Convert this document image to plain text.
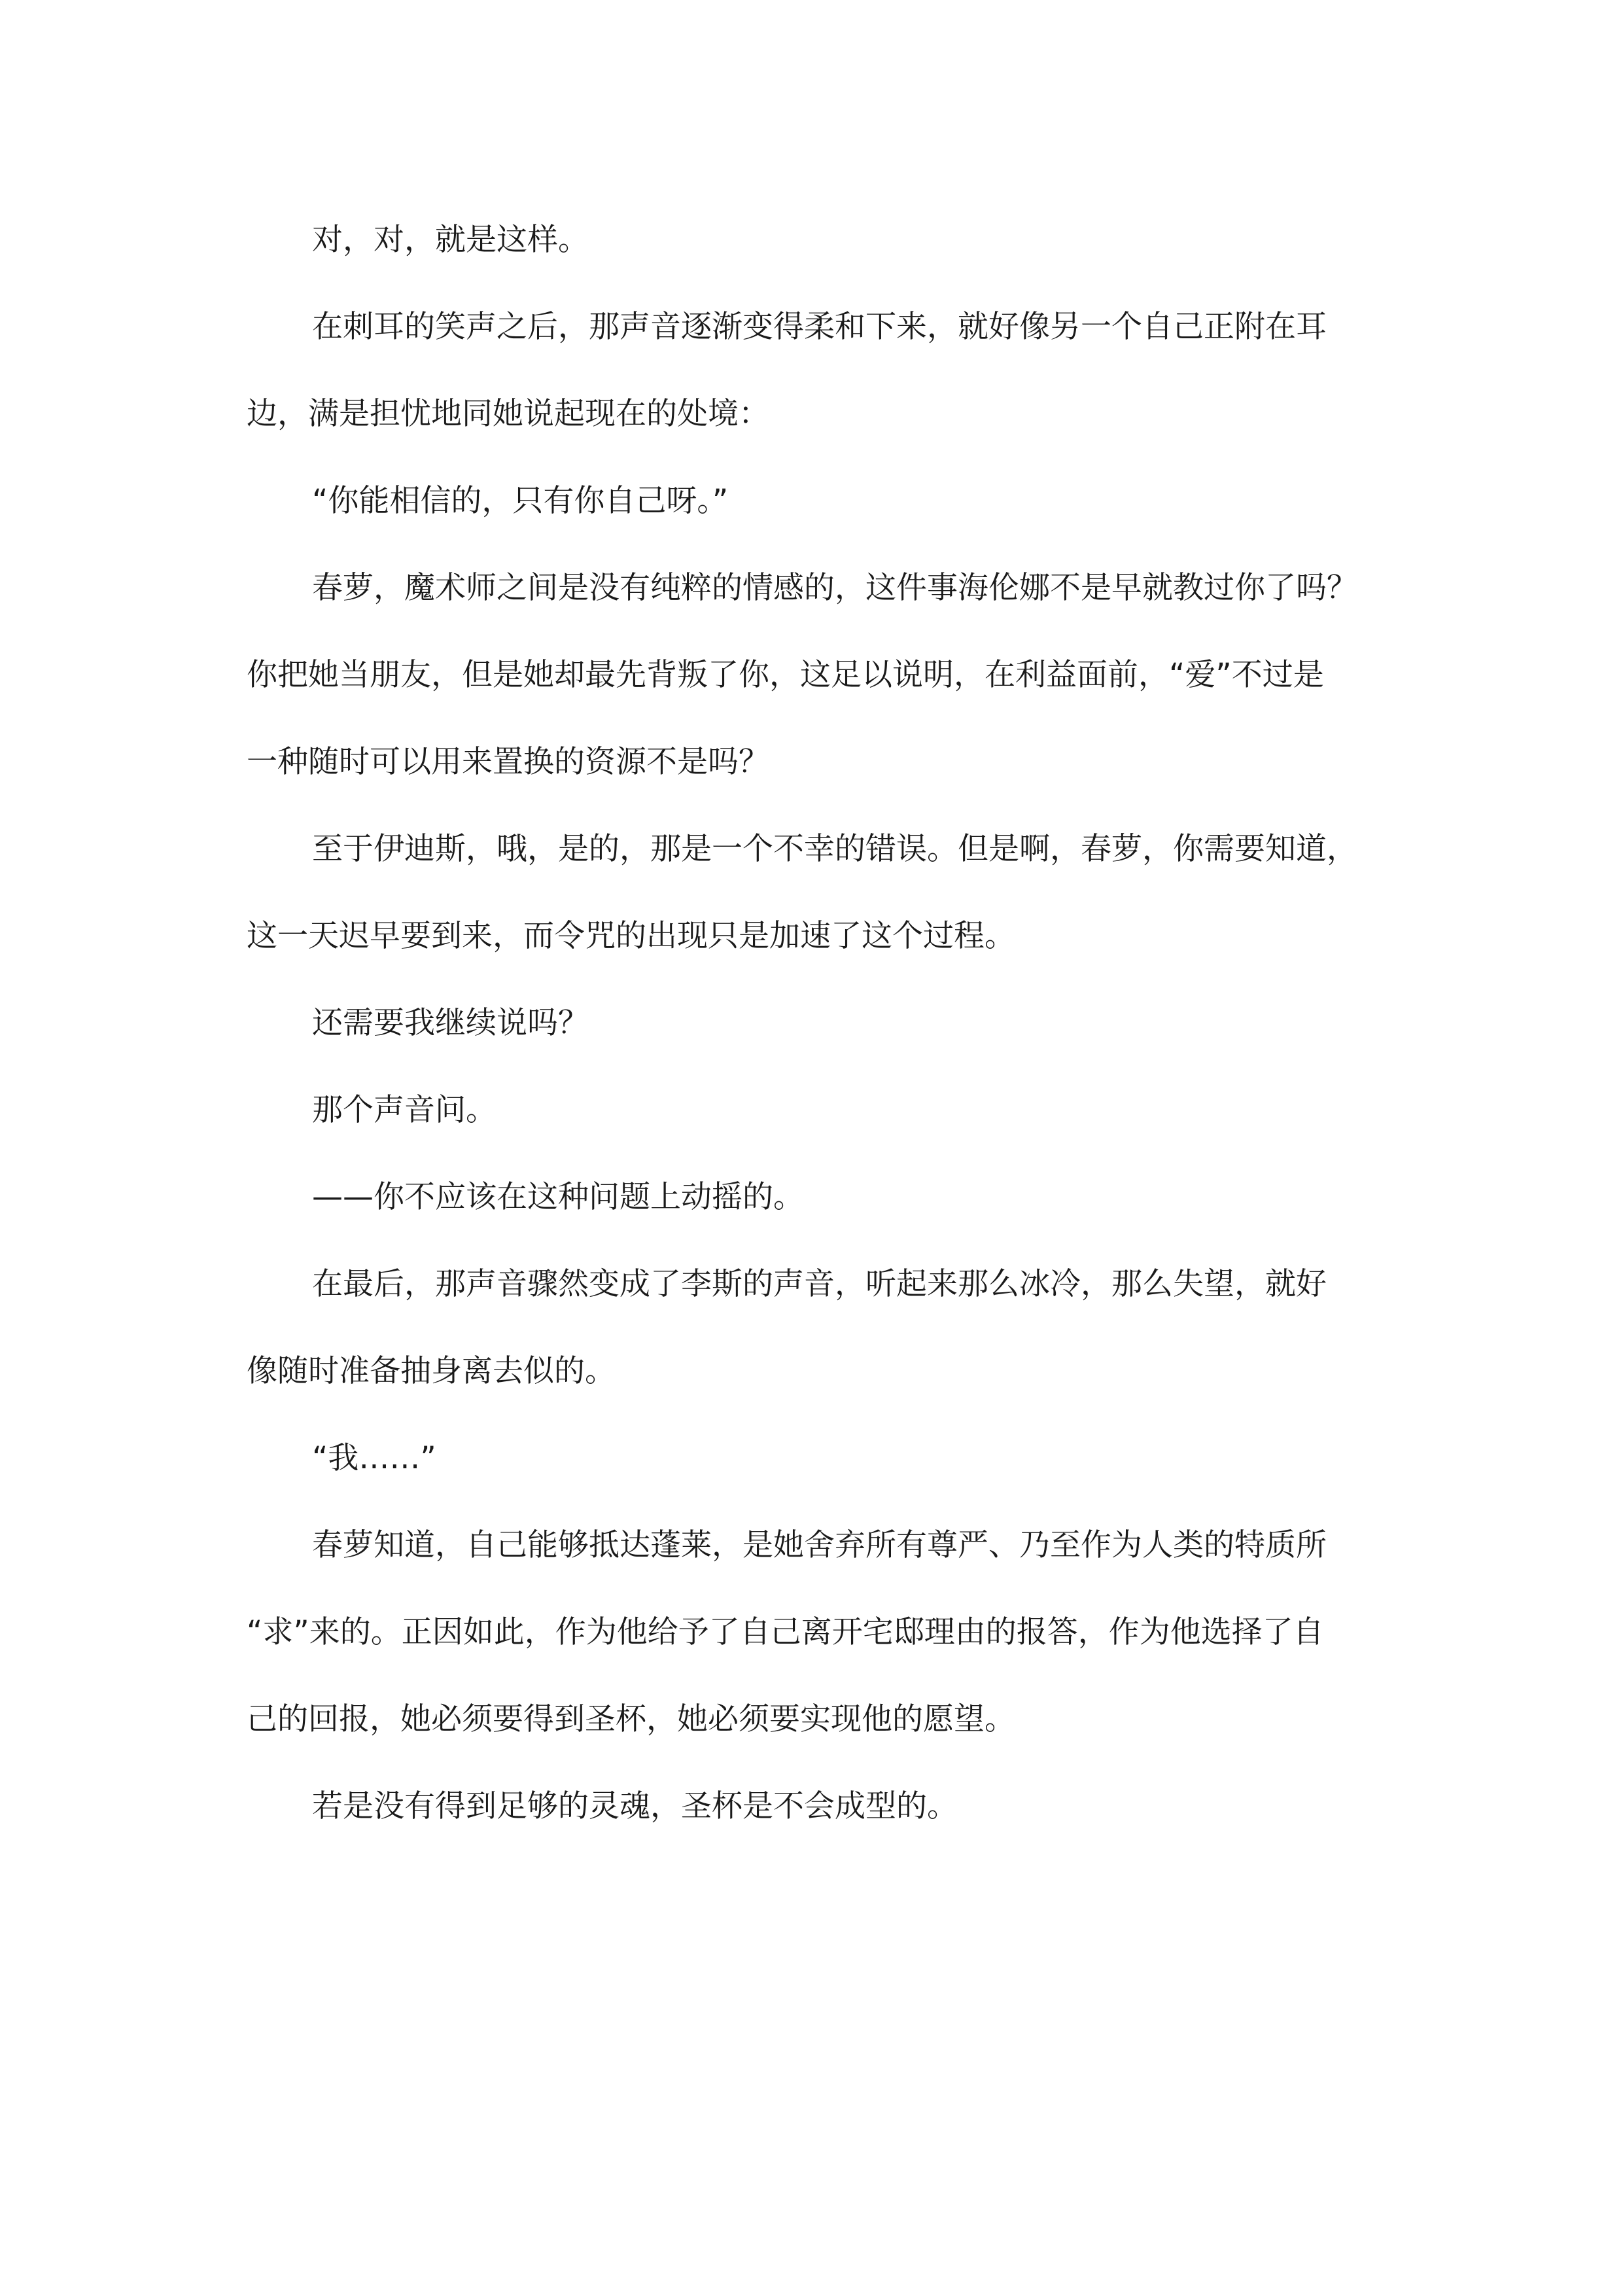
对，对，就是这样。
在刺耳的笑声之后，那声音逐渐变得柔和下来，就好像另一个自己正附在耳
边，满是担忧地同她说起现在的处境：
“你能相信的，只有你自己呀。”
春萝，魔术师之间是没有纯粹的情感的，这件事海伦娜不是早就教过你了吗？
你把她当朋友，但是她却最先背叛了你，这足以说明，在利益面前，“爱”不过是
一种随时可以用来置换的资源不是吗？
至于伊迪斯，哦，是的，那是一个不幸的错误。但是啊，春萝，你需要知道，
这一天迟早要到来，而令咒的出现只是加速了这个过程。
还需要我继续说吗？
那个声音问。
——你不应该在这种问题上动摇的。
在最后，那声音骤然变成了李斯的声音，听起来那么冰冷，那么失望，就好
像随时准备抽身离去似的。
“我……”
春萝知道，自己能够抵达蓬莱，是她舍弃所有尊严、乃至作为人类的特质所
“求”来的。正因如此，作为他给予了自己离开宅邸理由的报答，作为他选择了自
己的回报，她必须要得到圣杯，她必须要实现他的愿望。
若是没有得到足够的灵魂，圣杯是不会成型的。
